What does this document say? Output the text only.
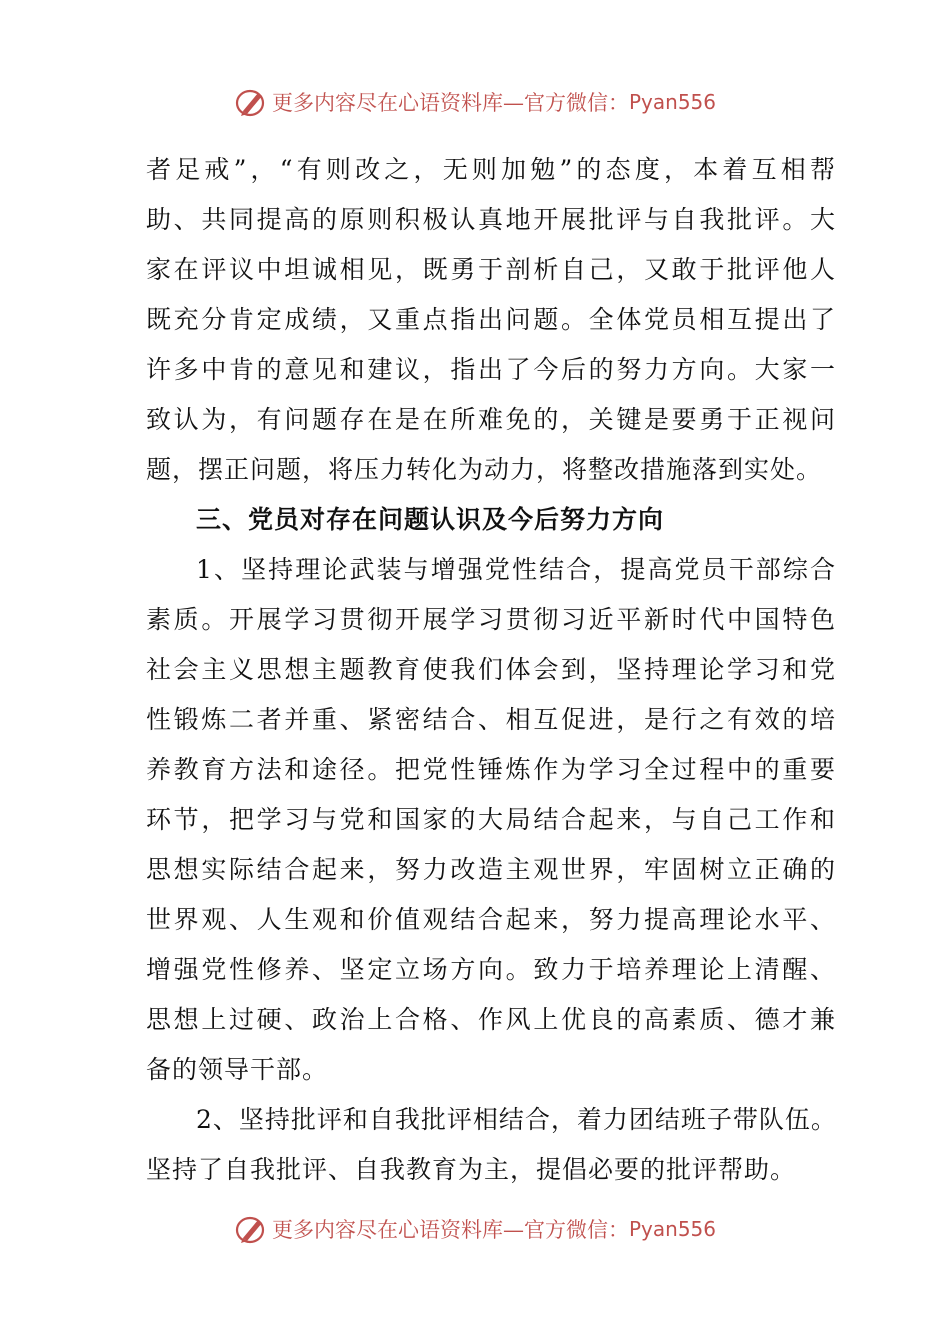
更多内容尽在心语资料库—官方微信： Pyan556
者足戒”，“有则改之，无则加勉”的态度，本着互相帮
助、共同提高的原则积极认真地开展批评与自我批评。大
家在评议中坦诚相见，既勇于剖析自己，又敢于批评他人
既充分肯定成绩，又重点指出问题。全体党员相互提出了
许多中肯的意见和建议，指出了今后的努力方向。大家一
致认为，有问题存在是在所难免的，关键是要勇于正视问
题，摆正问题，将压力转化为动力，将整改措施落到实处。
三、党员对存在问题认识及今后努力方向
1、坚持理论武装与增强党性结合，提高党员干部综合
素质。开展学习贯彻开展学习贯彻习近平新时代中国特色
社会主义思想主题教育使我们体会到，坚持理论学习和党
性锻炼二者并重、紧密结合、相互促进，是行之有效的培
养教育方法和途径。把党性锤炼作为学习全过程中的重要
环节，把学习与党和国家的大局结合起来，与自己工作和
思想实际结合起来，努力改造主观世界，牢固树立正确的
世界观、人生观和价值观结合起来，努力提高理论水平、
增强党性修养、坚定立场方向。致力于培养理论上清醒、
思想上过硬、政治上合格、作风上优良的高素质、德才兼
备的领导干部。
2、坚持批评和自我批评相结合，着力团结班子带队伍。
坚持了自我批评、自我教育为主，提倡必要的批评帮助。
更多内容尽在心语资料库—官方微信： Pyan556
